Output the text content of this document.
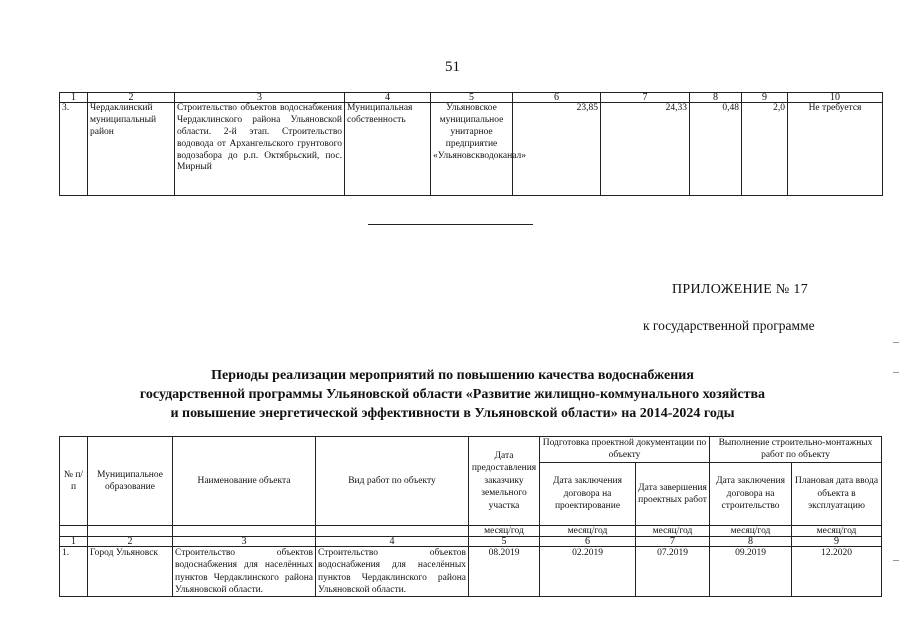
51
1	2	3	4	5	6	7	8	9	10
3.	Чердаклинский муниципальный район	Строительство объектов водоснабжения Чердаклинского района Ульяновской области. 2-й этап. Строительство водовода от Архангельского грунтового водозабора до р.п. Октябрьский, пос. Мирный	Муниципальная собственность	Ульяновское муниципальное унитарное предприятие «Ульяновскводоканал»	23,85	24,33	0,48	2,0	Не требуется
ПРИЛОЖЕНИЕ № 17
к государственной программе
Периоды реализации мероприятий по повышению качества водоснабжения
государственной программы Ульяновской области «Развитие жилищно-коммунального хозяйства
и повышение энергетической эффективности в Ульяновской области» на 2014-2024 годы
№ п/п	Муниципальное образование	Наименование объекта	Вид работ по объекту	Дата предоставления заказчику земельного участка	Подготовка проектной документации по объекту		Выполнение строительно-монтажных работ по объекту	
					Дата заключения договора на проектирование	Дата завершения проектных работ	Дата заключения договора на строительство	Плановая дата ввода объекта в эксплуатацию
				месяц/год	месяц/год	месяц/год	месяц/год	месяц/год
1	2	3	4	5	6	7	8	9
1.	Город Ульяновск	Строительство объектов водоснабжения для населённых пунктов Чердаклинского района Ульяновской области.	Строительство объектов водоснабжения для населённых пунктов Чердаклинского района Ульяновской области.	08.2019	02.2019	07.2019	09.2019	12.2020
